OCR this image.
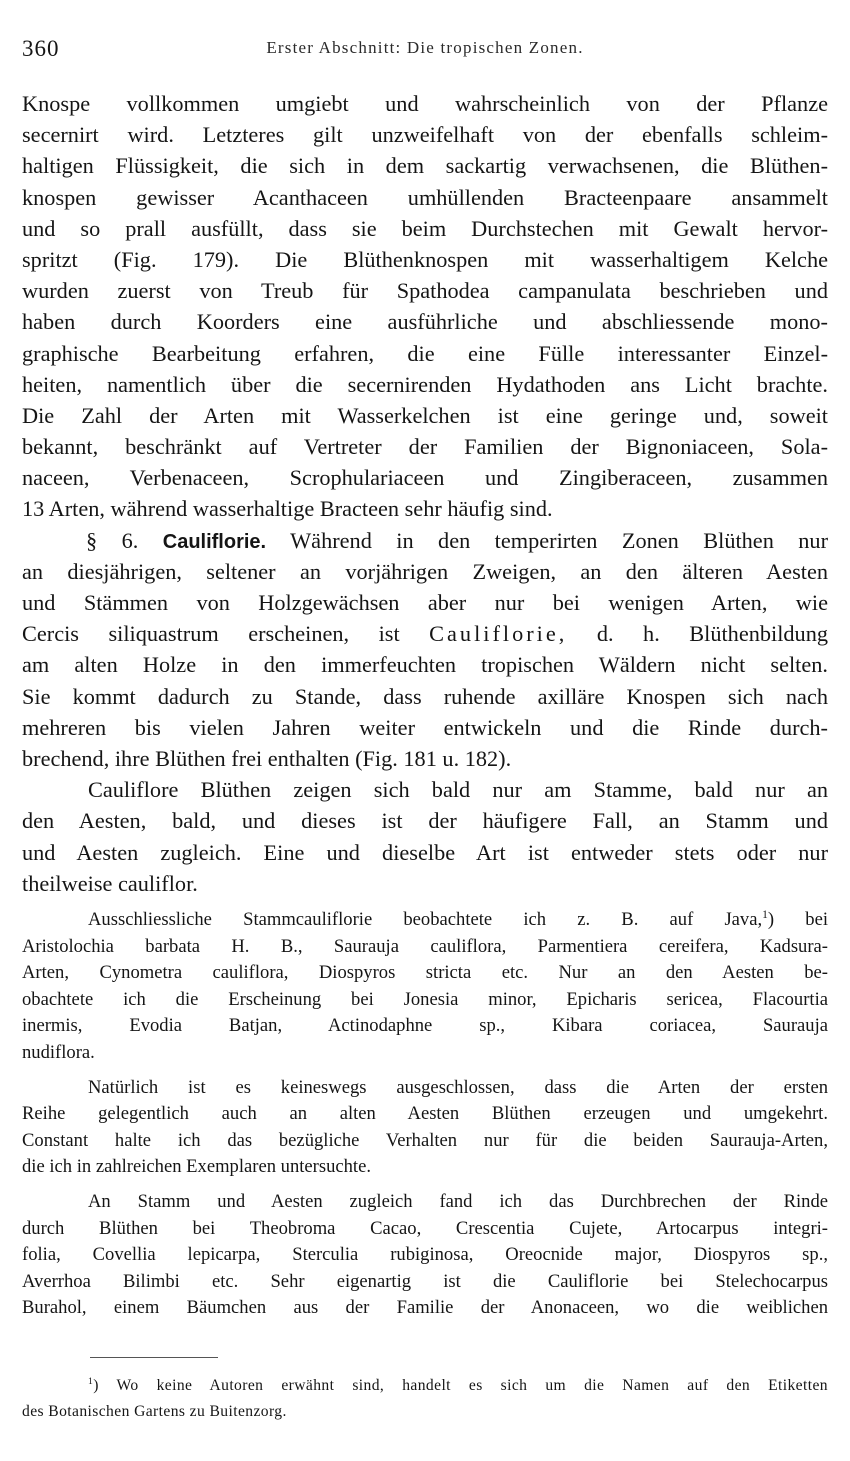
360	Erster Abschnitt: Die tropischen Zonen.
Knospe vollkommen umgiebt und wahrscheinlich von der Pflanze
secernirt wird. Letzteres gilt unzweifelhaft von der ebenfalls schleim-
haltigen Flüssigkeit, die sich in dem sackartig verwachsenen, die Blüthen-
knospen gewisser Acanthaceen umhüllenden Bracteenpaare ansammelt
und so prall ausfüllt, dass sie beim Durchstechen mit Gewalt hervor-
spritzt (Fig. 179). Die Blüthenknospen mit wasserhaltigem Kelche
wurden zuerst von Treub für Spathodea campanulata beschrieben und
haben durch Koorders eine ausführliche und abschliessende mono-
graphische Bearbeitung erfahren, die eine Fülle interessanter Einzel-
heiten, namentlich über die secernirenden Hydathoden ans Licht brachte.
Die Zahl der Arten mit Wasserkelchen ist eine geringe und, soweit
bekannt, beschränkt auf Vertreter der Familien der Bignoniaceen, Sola-
naceen, Verbenaceen, Scrophulariaceen und Zingiberaceen, zusammen
13 Arten, während wasserhaltige Bracteen sehr häufig sind.
§ 6. Cauliflorie. Während in den temperirten Zonen Blüthen nur
an diesjährigen, seltener an vorjährigen Zweigen, an den älteren Aesten
und Stämmen von Holzgewächsen aber nur bei wenigen Arten, wie
Cercis siliquastrum erscheinen, ist Cauliflorie, d. h. Blüthenbildung
am alten Holze in den immerfeuchten tropischen Wäldern nicht selten.
Sie kommt dadurch zu Stande, dass ruhende axilläre Knospen sich nach
mehreren bis vielen Jahren weiter entwickeln und die Rinde durch-
brechend, ihre Blüthen frei enthalten (Fig. 181 u. 182).
Cauliflore Blüthen zeigen sich bald nur am Stamme, bald nur an
den Aesten, bald, und dieses ist der häufigere Fall, an Stamm und
und Aesten zugleich. Eine und dieselbe Art ist entweder stets oder nur
theilweise cauliflor.
Ausschliessliche Stammcauliflorie beobachtete ich z. B. auf Java,$^1$) bei
Aristolochia barbata H. B., Saurauja cauliflora, Parmentiera cereifera, Kadsura-
Arten, Cynometra cauliflora, Diospyros stricta etc. Nur an den Aesten be-
obachtete ich die Erscheinung bei Jonesia minor, Epicharis sericea, Flacourtia
inermis, Evodia Batjan, Actinodaphne sp., Kibara coriacea, Saurauja
nudiflora.
Natürlich ist es keineswegs ausgeschlossen, dass die Arten der ersten
Reihe gelegentlich auch an alten Aesten Blüthen erzeugen und umgekehrt.
Constant halte ich das bezügliche Verhalten nur für die beiden Saurauja-Arten,
die ich in zahlreichen Exemplaren untersuchte.
An Stamm und Aesten zugleich fand ich das Durchbrechen der Rinde
durch Blüthen bei Theobroma Cacao, Crescentia Cujete, Artocarpus integri-
folia, Covellia lepicarpa, Sterculia rubiginosa, Oreocnide major, Diospyros sp.,
Averrhoa Bilimbi etc. Sehr eigenartig ist die Cauliflorie bei Stelechocarpus
Burahol, einem Bäumchen aus der Familie der Anonaceen, wo die weiblichen
$^1$) Wo keine Autoren erwähnt sind, handelt es sich um die Namen auf den Etiketten
des Botanischen Gartens zu Buitenzorg.
